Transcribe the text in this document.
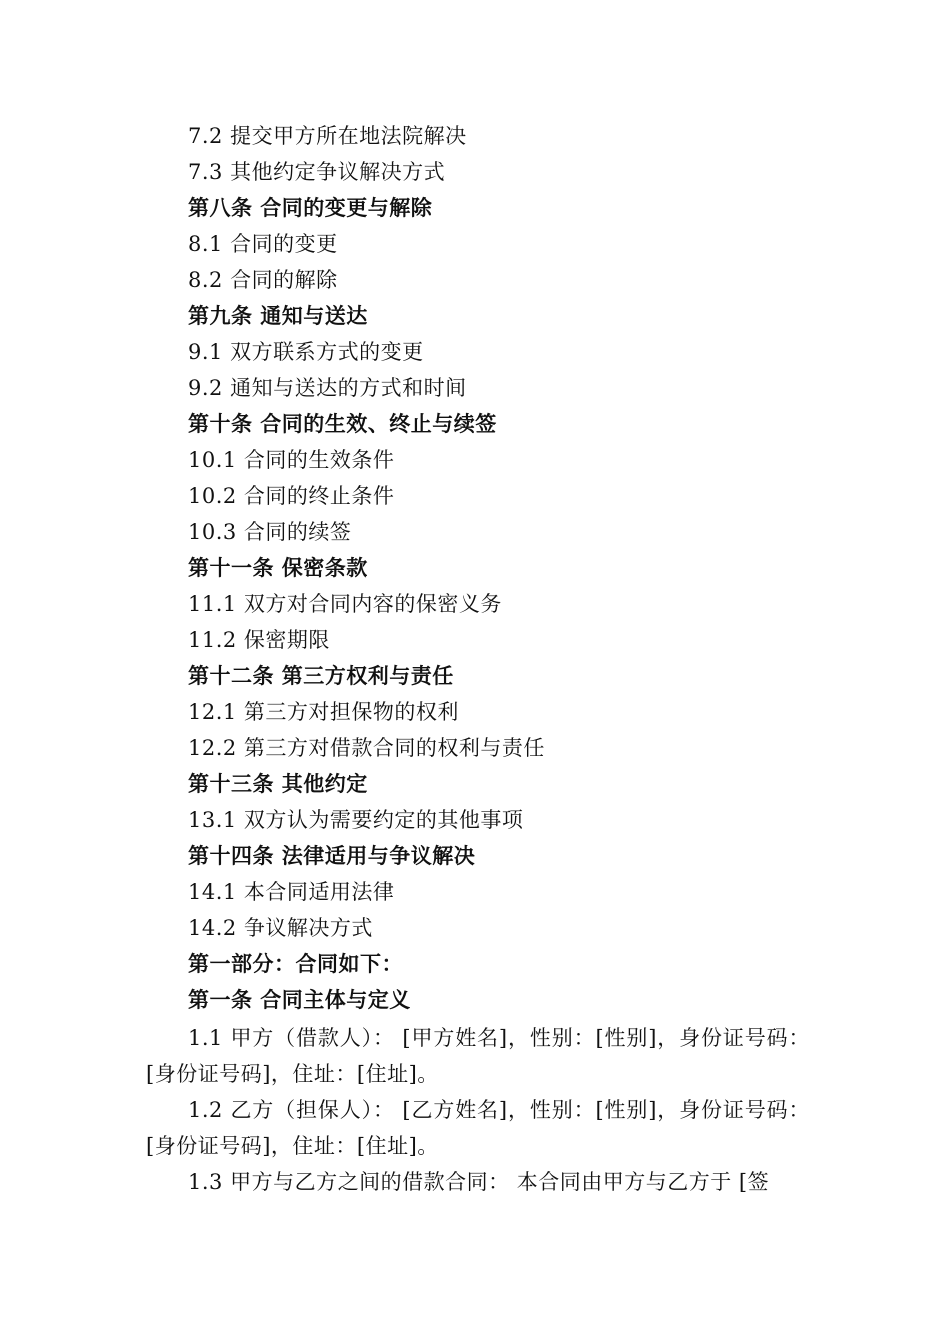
7.2 提交甲方所在地法院解决
7.3 其他约定争议解决方式
第八条 合同的变更与解除
8.1 合同的变更
8.2 合同的解除
第九条 通知与送达
9.1 双方联系方式的变更
9.2 通知与送达的方式和时间
第十条 合同的生效、终止与续签
10.1 合同的生效条件
10.2 合同的终止条件
10.3 合同的续签
第十一条 保密条款
11.1 双方对合同内容的保密义务
11.2 保密期限
第十二条 第三方权利与责任
12.1 第三方对担保物的权利
12.2 第三方对借款合同的权利与责任
第十三条 其他约定
13.1 双方认为需要约定的其他事项
第十四条 法律适用与争议解决
14.1 本合同适用法律
14.2 争议解决方式
第一部分：合同如下：
第一条 合同主体与定义
1.1 甲方（借款人）： [甲方姓名]，性别：[性别]，身份证号码：[身份证号码]，住址：[住址]。
1.2 乙方（担保人）： [乙方姓名]，性别：[性别]，身份证号码：[身份证号码]，住址：[住址]。
1.3 甲方与乙方之间的借款合同： 本合同由甲方与乙方于 [签
